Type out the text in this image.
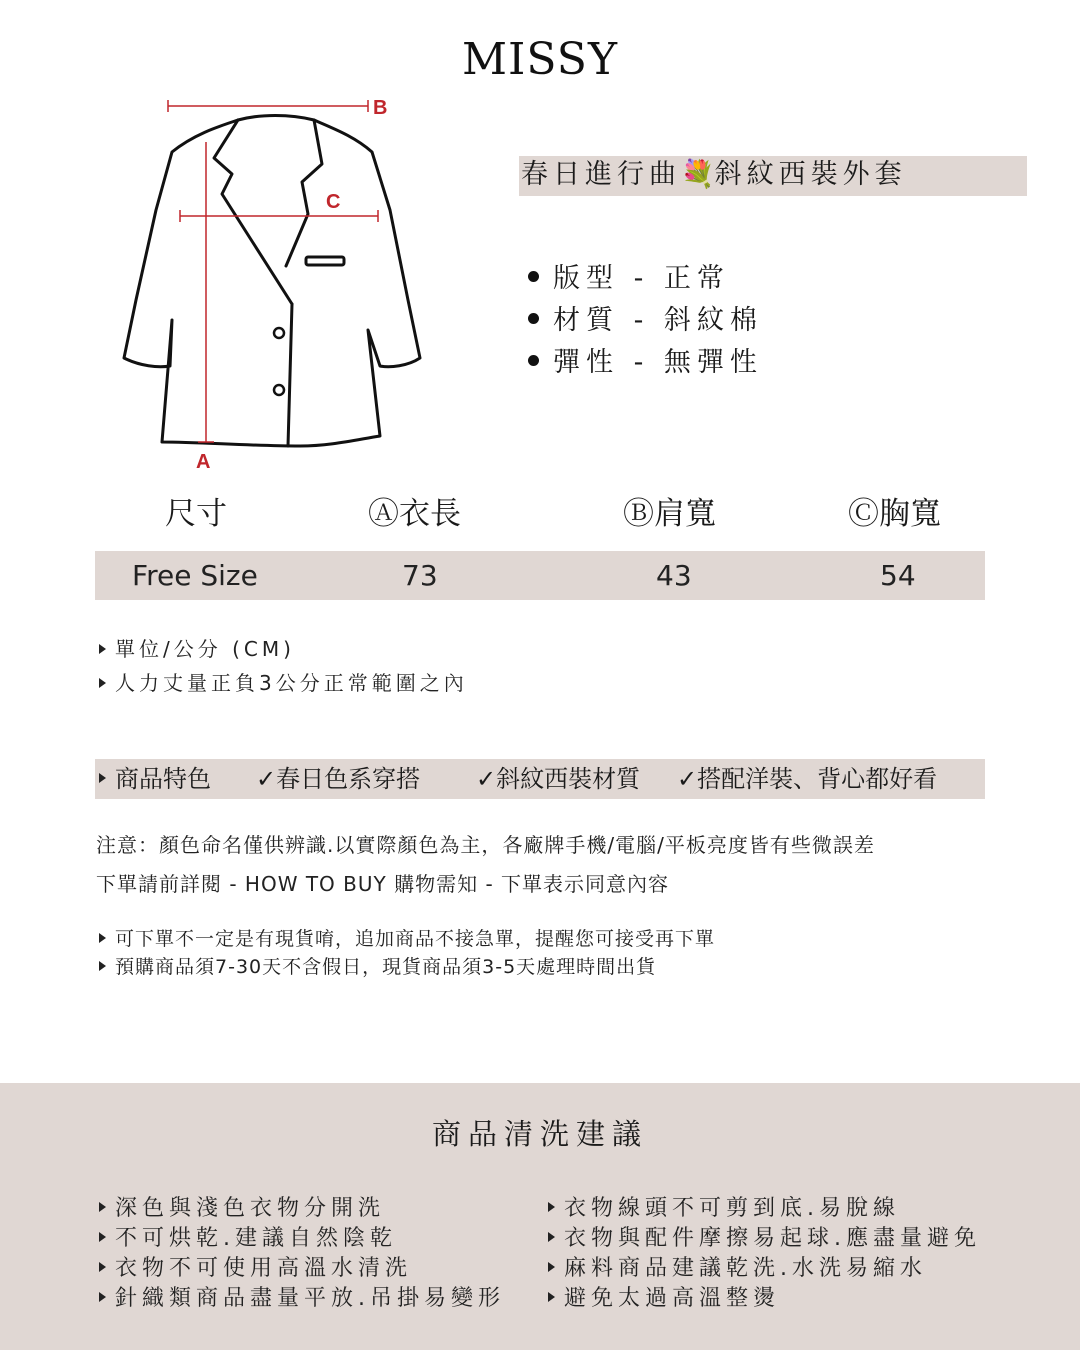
MISSY
B
C
A
春日進行曲💐斜紋西裝外套
版型 - 正常
材質 - 斜紋棉
彈性 - 無彈性
尺寸	Ⓐ衣長	Ⓑ肩寬	Ⓒ胸寬
Free Size	73	43	54
單位/公分 (CM)
人力丈量正負3公分正常範圍之內
商品特色 ✓春日色系穿搭 ✓斜紋西裝材質 ✓搭配洋裝、背心都好看
注意：顏色命名僅供辨識.以實際顏色為主，各廠牌手機/電腦/平板亮度皆有些微誤差
下單請前詳閱 - HOW TO BUY 購物需知 - 下單表示同意內容
可下單不一定是有現貨唷，追加商品不接急單，提醒您可接受再下單
預購商品須7-30天不含假日，現貨商品須3-5天處理時間出貨
商品清洗建議
深色與淺色衣物分開洗
不可烘乾.建議自然陰乾
衣物不可使用高溫水清洗
針織類商品盡量平放.吊掛易變形
衣物線頭不可剪到底.易脫線
衣物與配件摩擦易起球.應盡量避免
麻料商品建議乾洗.水洗易縮水
避免太過高溫整燙
